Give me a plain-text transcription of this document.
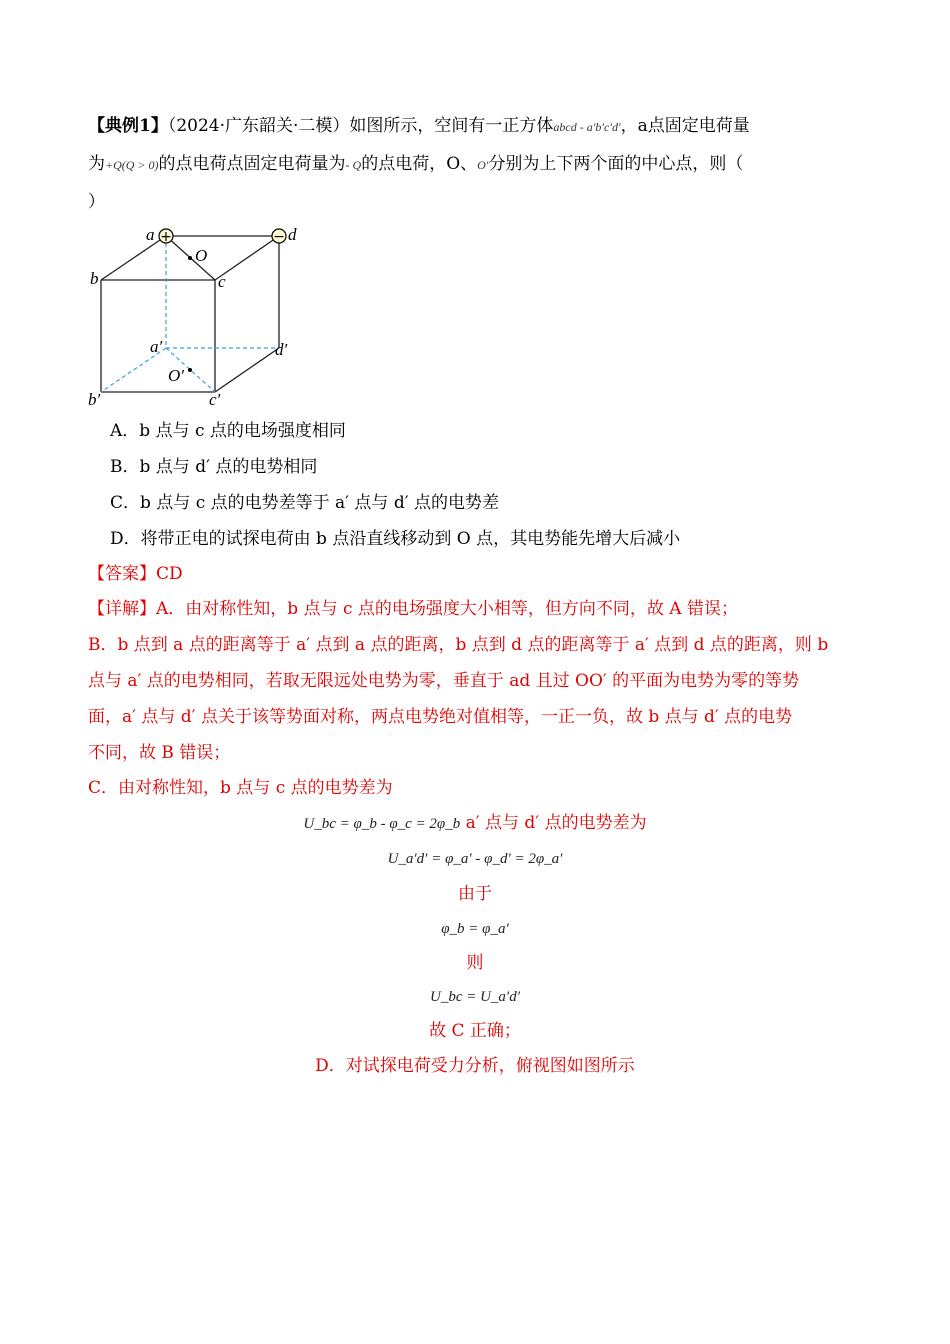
【典例1】（2024·广东韶关·二模）如图所示，空间有一正方体abcd - a′b′c′d′，a点固定电荷量
为+Q(Q > 0)的点电荷点固定电荷量为- Q的点电荷，O、O′分别为上下两个面的中心点，则（
）
+	−
a	d
O
b	c
a′	d′
O′
b′	c′
A．b 点与 c 点的电场强度相同
B．b 点与 d′ 点的电势相同
C．b 点与 c 点的电势差等于 a′ 点与 d′ 点的电势差
D．将带正电的试探电荷由 b 点沿直线移动到 O 点，其电势能先增大后减小
【答案】CD
【详解】A．由对称性知，b 点与 c 点的电场强度大小相等，但方向不同，故 A 错误；
B．b 点到 a 点的距离等于 a′ 点到 a 点的距离，b 点到 d 点的距离等于 a′ 点到 d 点的距离，则 b
点与 a′ 点的电势相同，若取无限远处电势为零，垂直于 ad 且过 OO′ 的平面为电势为零的等势
面，a′ 点与 d′ 点关于该等势面对称，两点电势绝对值相等，一正一负，故 b 点与 d′ 点的电势
不同，故 B 错误；
C．由对称性知，b 点与 c 点的电势差为
U_bc = φ_b - φ_c = 2φ_b a′ 点与 d′ 点的电势差为
U_a′d′ = φ_a′ - φ_d′ = 2φ_a′
由于
φ_b = φ_a′
则
U_bc = U_a′d′
故 C 正确；
D．对试探电荷受力分析，俯视图如图所示
